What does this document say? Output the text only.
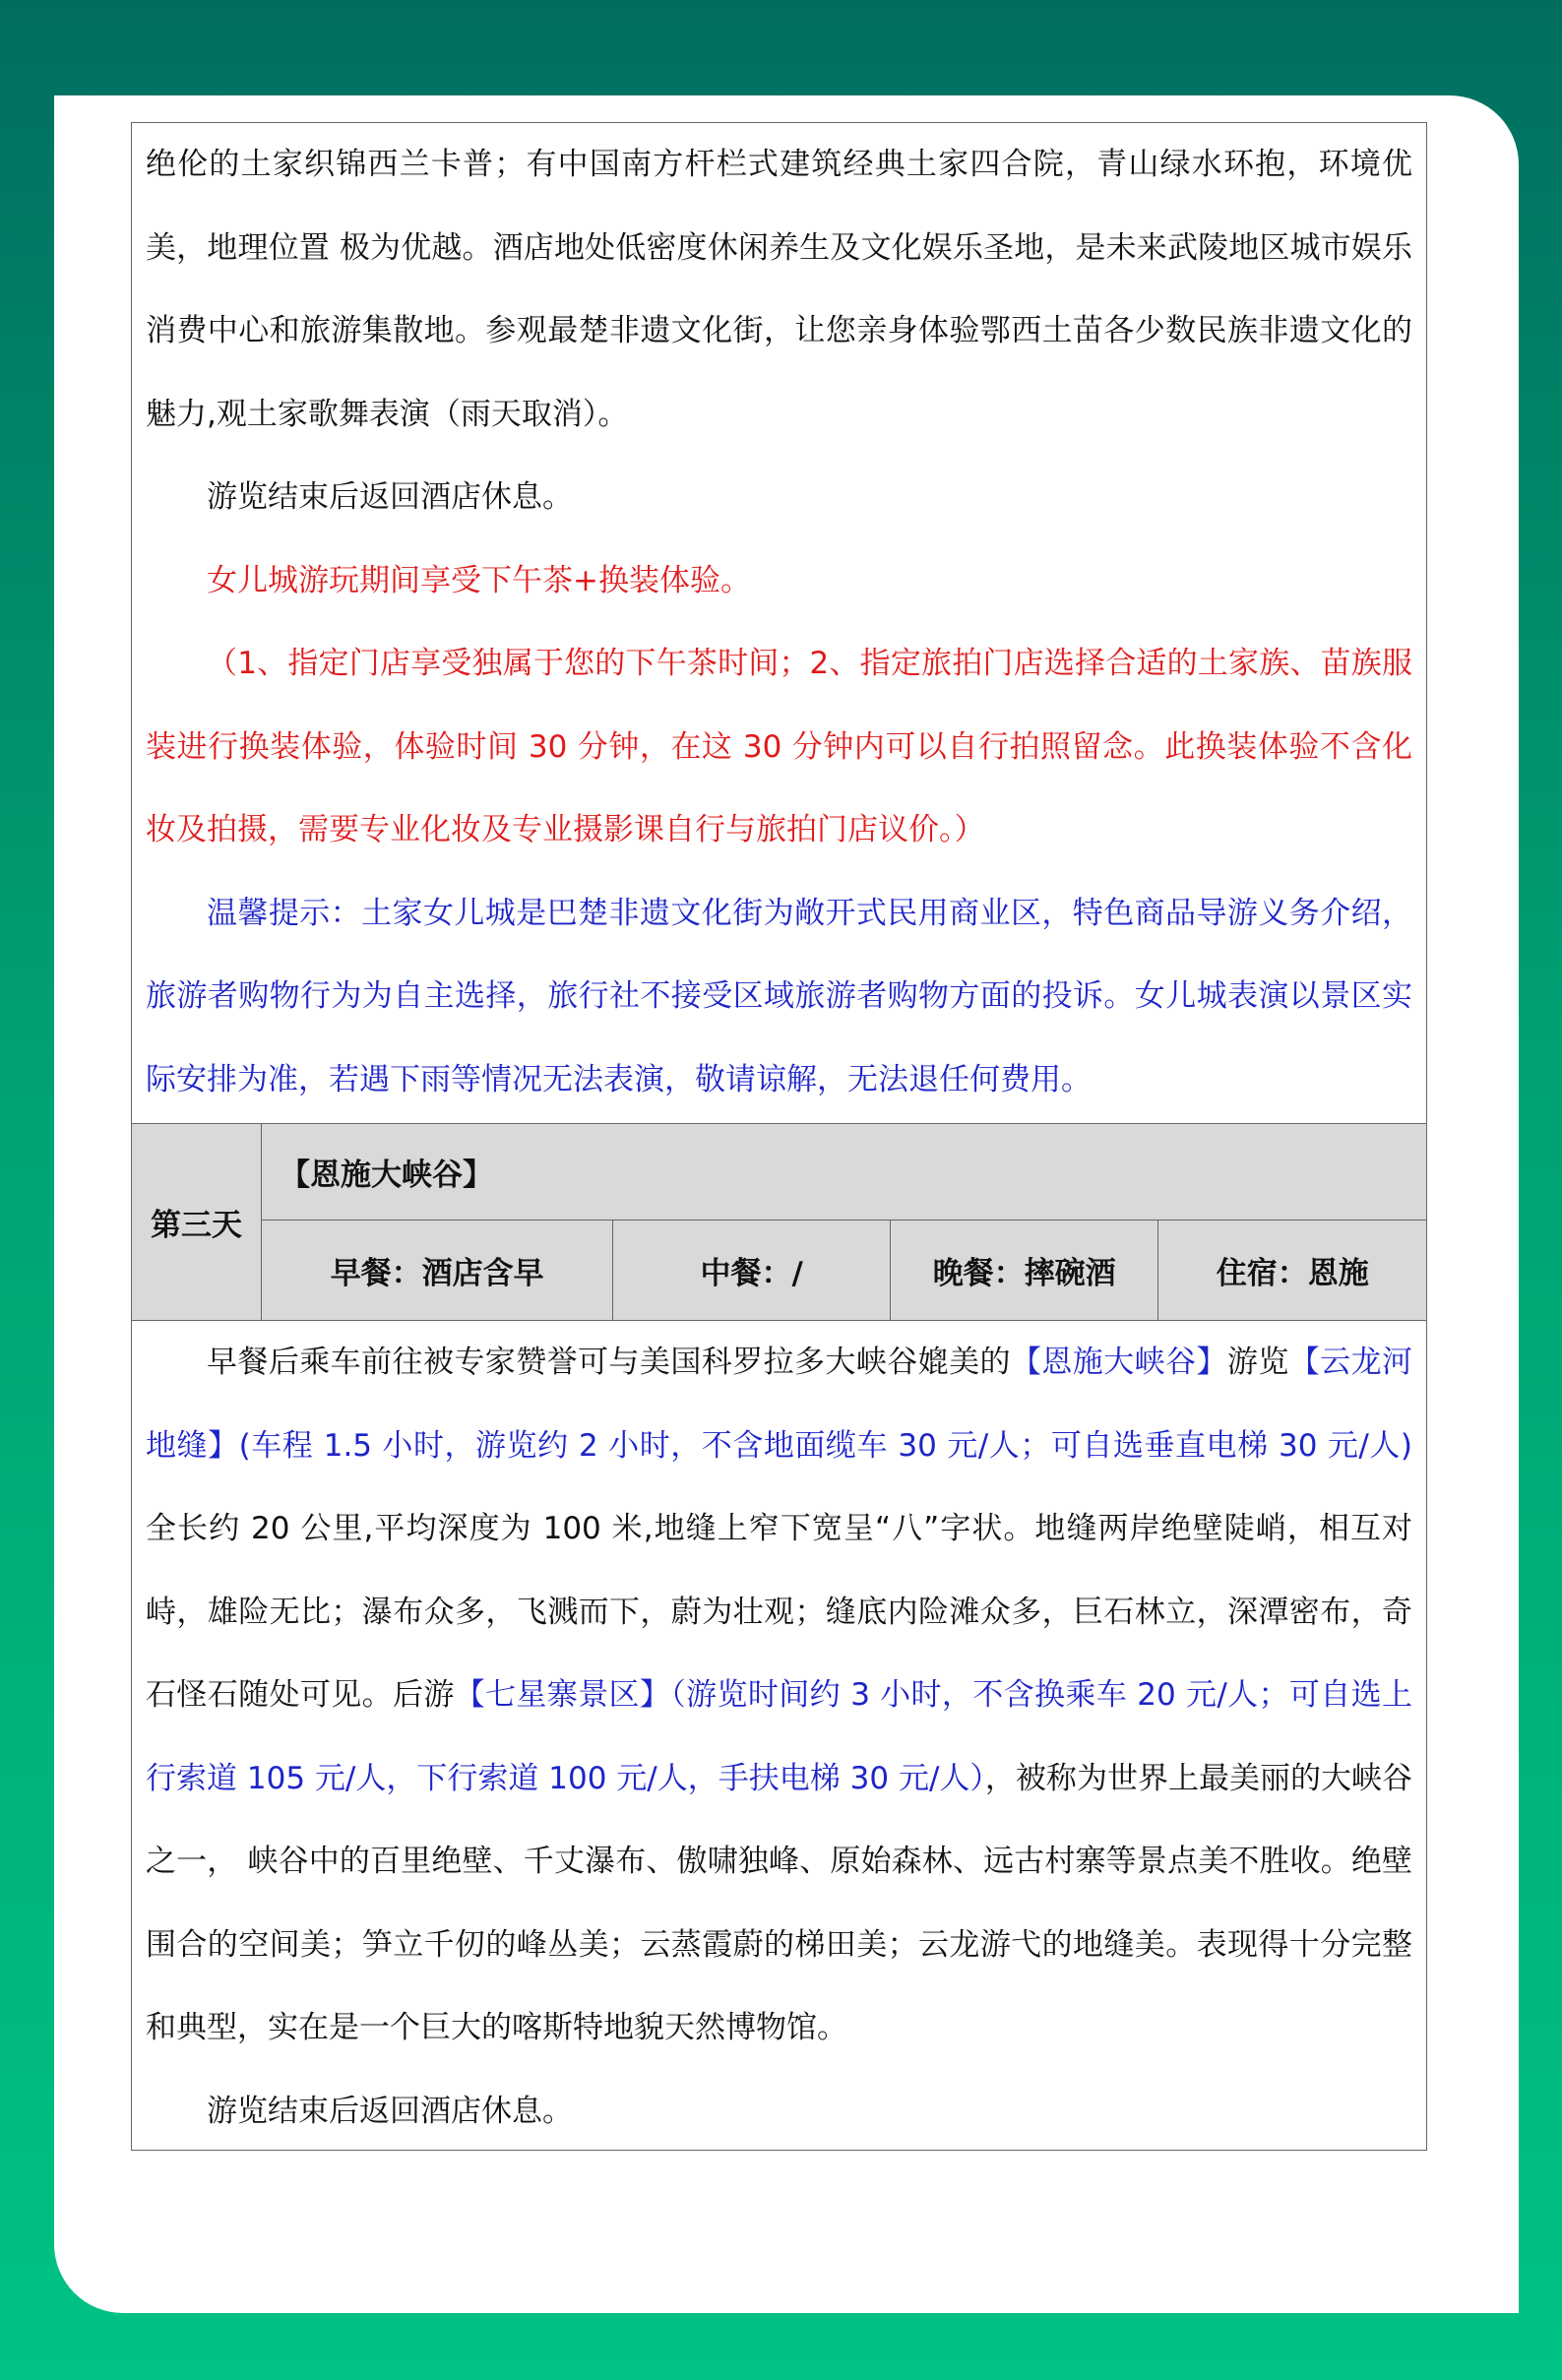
绝伦的土家织锦西兰卡普；有中国南方杆栏式建筑经典土家四合院，青山绿水环抱，环境优美，地理位置 极为优越。酒店地处低密度休闲养生及文化娱乐圣地，是未来武陵地区城市娱乐消费中心和旅游集散地。参观最楚非遗文化街，让您亲身体验鄂西土苗各少数民族非遗文化的魅力,观土家歌舞表演（雨天取消）。

游览结束后返回酒店休息。

女儿城游玩期间享受下午茶+换装体验。

（1、指定门店享受独属于您的下午茶时间；2、指定旅拍门店选择合适的土家族、苗族服装进行换装体验，体验时间 30 分钟，在这 30 分钟内可以自行拍照留念。此换装体验不含化妆及拍摄，需要专业化妆及专业摄影课自行与旅拍门店议价。）

温馨提示：土家女儿城是巴楚非遗文化街为敞开式民用商业区，特色商品导游义务介绍，旅游者购物行为为自主选择，旅行社不接受区域旅游者购物方面的投诉。女儿城表演以景区实际安排为准，若遇下雨等情况无法表演，敬请谅解，无法退任何费用。

第三天
【恩施大峡谷】
早餐：酒店含早	中餐：/	晚餐：摔碗酒	住宿：恩施

早餐后乘车前往被专家赞誉可与美国科罗拉多大峡谷媲美的【恩施大峡谷】游览【云龙河地缝】(车程 1.5 小时，游览约 2 小时，不含地面缆车 30 元/人；可自选垂直电梯 30 元/人)全长约 20 公里,平均深度为 100 米,地缝上窄下宽呈“八”字状。地缝两岸绝壁陡峭，相互对峙，雄险无比；瀑布众多，飞溅而下，蔚为壮观；缝底内险滩众多，巨石林立，深潭密布，奇石怪石随处可见。后游【七星寨景区】（游览时间约 3 小时，不含换乘车 20 元/人；可自选上行索道 105 元/人，下行索道 100 元/人，手扶电梯 30 元/人），被称为世界上最美丽的大峡谷之一， 峡谷中的百里绝壁、千丈瀑布、傲啸独峰、原始森林、远古村寨等景点美不胜收。绝壁围合的空间美；笋立千仞的峰丛美；云蒸霞蔚的梯田美；云龙游弋的地缝美。表现得十分完整和典型，实在是一个巨大的喀斯特地貌天然博物馆。

游览结束后返回酒店休息。
